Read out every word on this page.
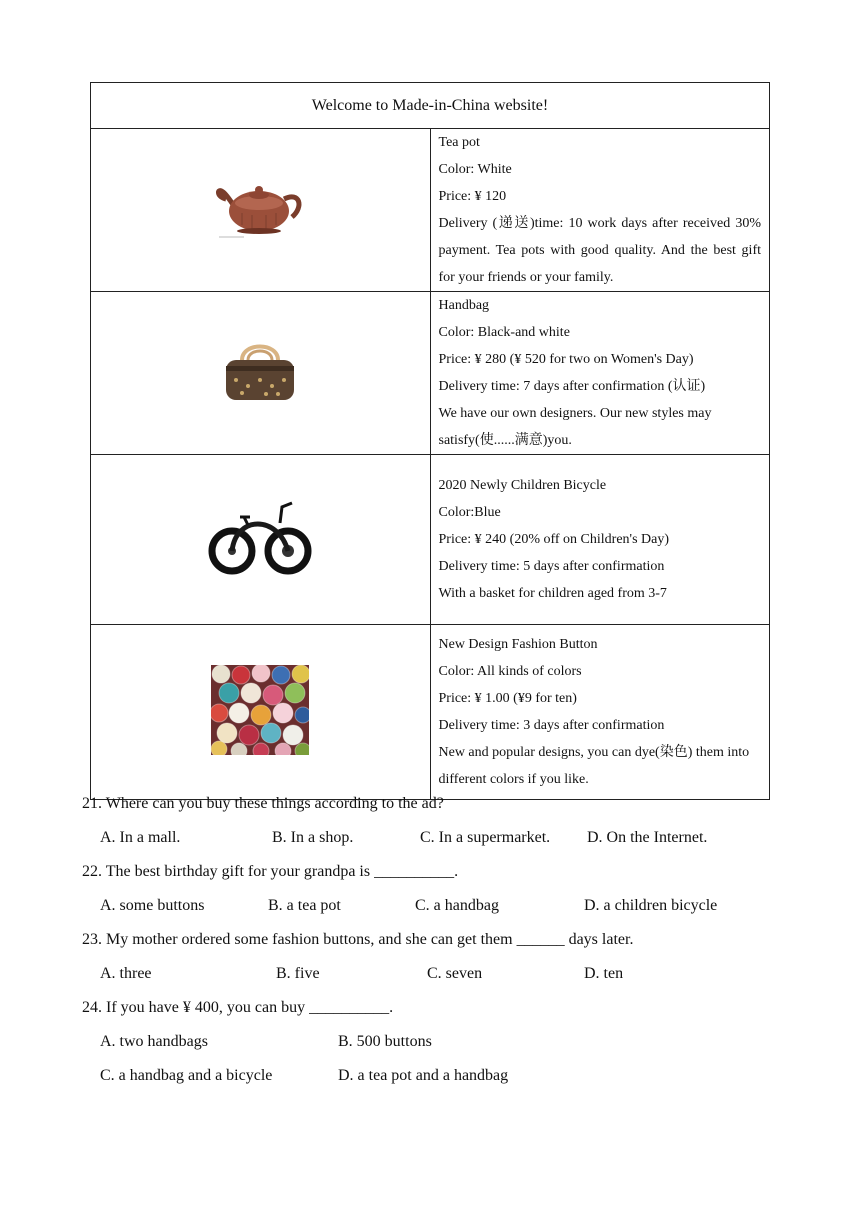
Welcome to Made-in-China website!	

Tea pot
Color: White
Price: ¥ 120
Delivery (递送)time: 10 work days after received 30% payment. Tea pots with good quality. And the best gift for your friends or your family.

Handbag
Color: Black-and white
Price: ¥ 280 (¥ 520 for two on Women's Day)
Delivery time: 7 days after confirmation (认证)
We have our own designers. Our new styles may satisfy(使......满意)you.

2020 Newly Children Bicycle
Color:Blue
Price: ¥ 240 (20% off on Children's Day)
Delivery time: 5 days after confirmation
With a basket for children aged from 3-7

New Design Fashion Button
Color: All kinds of colors
Price: ¥ 1.00 (¥9 for ten)
Delivery time: 3 days after confirmation
New and popular designs, you can dye(染色) them into different colors if you like.
21. Where can you buy these things according to the ad?
A. In a mall.	B. In a shop.	C. In a supermarket. D. On the Internet.
22. The best birthday gift for your grandpa is __________.
A. some buttons	B. a tea pot	C. a handbag	D. a children bicycle
23. My mother ordered some fashion buttons, and she can get them ______ days later.
A. three	B. five	C. seven	D. ten
24. If you have ¥ 400, you can buy __________.
A. two handbags	B. 500 buttons
C. a handbag and a bicycle	D. a tea pot and a handbag
